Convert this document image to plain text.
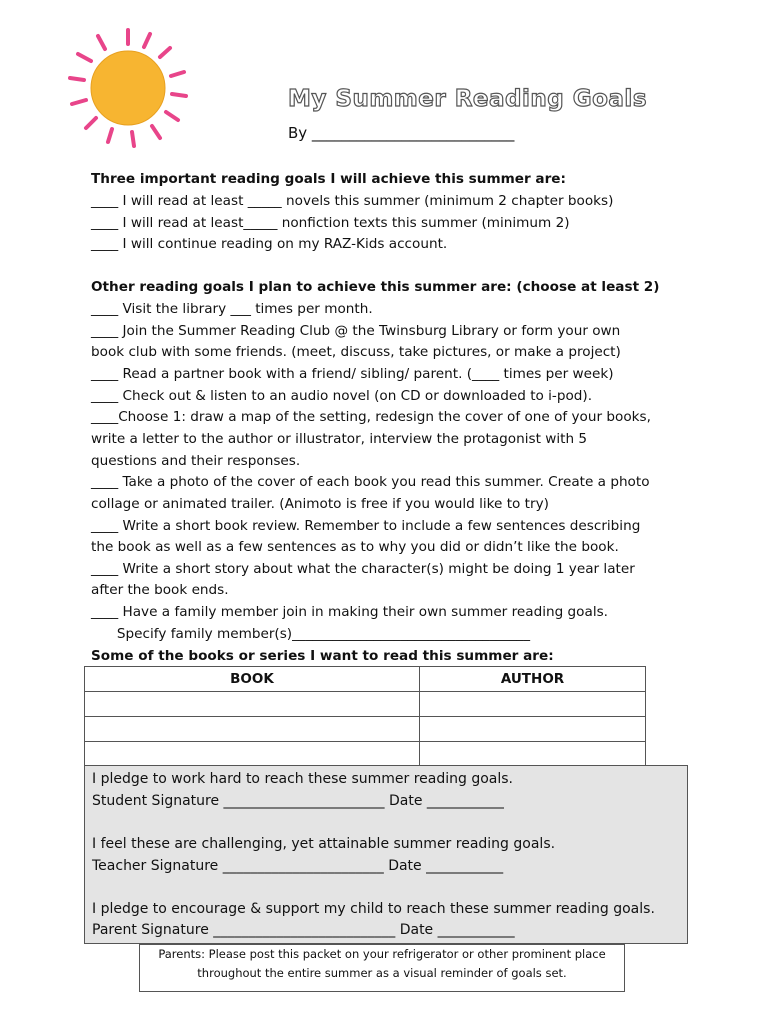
My Summer Reading Goals
By ___________________________
Three important reading goals I will achieve this summer are:
____ I will read at least _____ novels this summer (minimum 2 chapter books)
____ I will read at least_____ nonfiction texts this summer (minimum 2)
____ I will continue reading on my RAZ-Kids account.
Other reading goals I plan to achieve this summer are: (choose at least 2)
____ Visit the library ___ times per month.
____ Join the Summer Reading Club @ the Twinsburg Library or form your own
book club with some friends. (meet, discuss, take pictures, or make a project)
____ Read a partner book with a friend/ sibling/ parent. (____ times per week)
____ Check out & listen to an audio novel (on CD or downloaded to i-pod).
____Choose 1: draw a map of the setting, redesign the cover of one of your books,
write a letter to the author or illustrator, interview the protagonist with 5
questions and their responses.
____ Take a photo of the cover of each book you read this summer. Create a photo
collage or animated trailer. (Animoto is free if you would like to try)
____ Write a short book review. Remember to include a few sentences describing
the book as well as a few sentences as to why you did or didn’t like the book.
____ Write a short story about what the character(s) might be doing 1 year later
after the book ends.
____ Have a family member join in making their own summer reading goals.
Specify family member(s)___________________________________
Some of the books or series I want to read this summer are:
BOOK	AUTHOR

I pledge to work hard to reach these summer reading goals.
Student Signature _______________________ Date ___________
I feel these are challenging, yet attainable summer reading goals.
Teacher Signature _______________________ Date ___________
I pledge to encourage & support my child to reach these summer reading goals.
Parent Signature __________________________ Date ___________
Parents: Please post this packet on your refrigerator or other prominent place
throughout the entire summer as a visual reminder of goals set.
